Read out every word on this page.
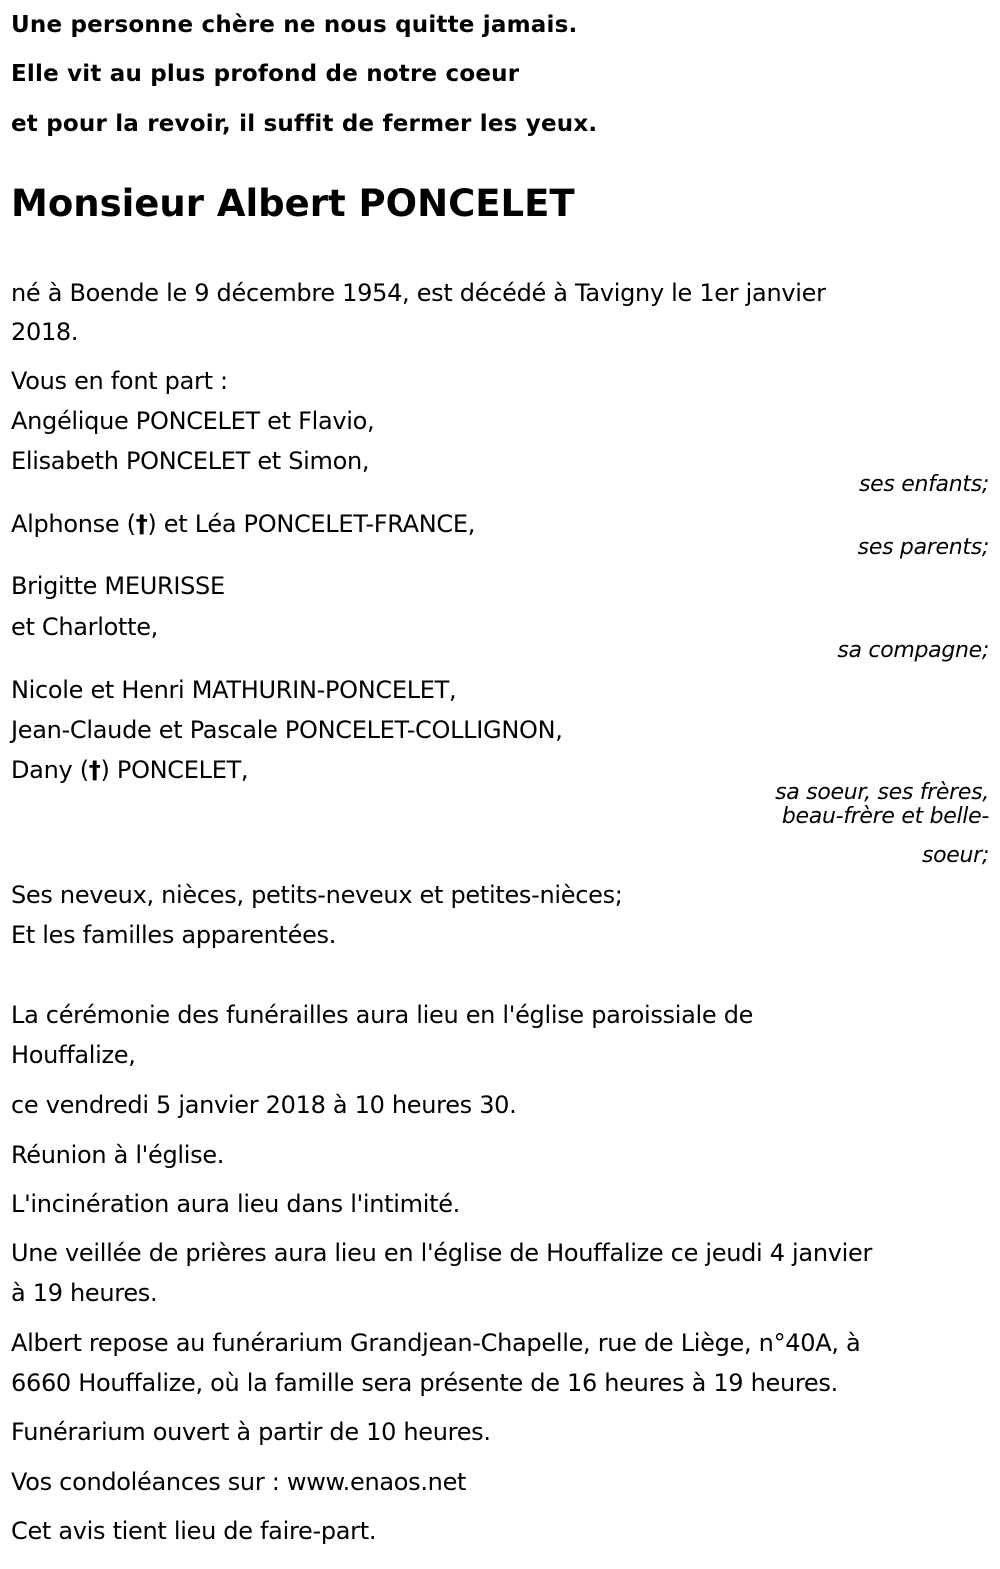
Une personne chère ne nous quitte jamais.
Elle vit au plus profond de notre coeur
et pour la revoir, il suffit de fermer les yeux.
Monsieur Albert PONCELET
né à Boende le 9 décembre 1954, est décédé à Tavigny le 1er janvier
2018.
Vous en font part :
Angélique PONCELET et Flavio,
Elisabeth PONCELET et Simon,
ses enfants;
Alphonse (†) et Léa PONCELET-FRANCE,
ses parents;
Brigitte MEURISSE
et Charlotte,
sa compagne;
Nicole et Henri MATHURIN-PONCELET,
Jean-Claude et Pascale PONCELET-COLLIGNON,
Dany (†) PONCELET,
sa soeur, ses frères,
beau-frère et belle-
soeur;
Ses neveux, nièces, petits-neveux et petites-nièces;
Et les familles apparentées.
La cérémonie des funérailles aura lieu en l'église paroissiale de
Houffalize,
ce vendredi 5 janvier 2018 à 10 heures 30.
Réunion à l'église.
L'incinération aura lieu dans l'intimité.
Une veillée de prières aura lieu en l'église de Houffalize ce jeudi 4 janvier
à 19 heures.
Albert repose au funérarium Grandjean-Chapelle, rue de Liège, n°40A, à
6660 Houffalize, où la famille sera présente de 16 heures à 19 heures.
Funérarium ouvert à partir de 10 heures.
Vos condoléances sur : www.enaos.net
Cet avis tient lieu de faire-part.
